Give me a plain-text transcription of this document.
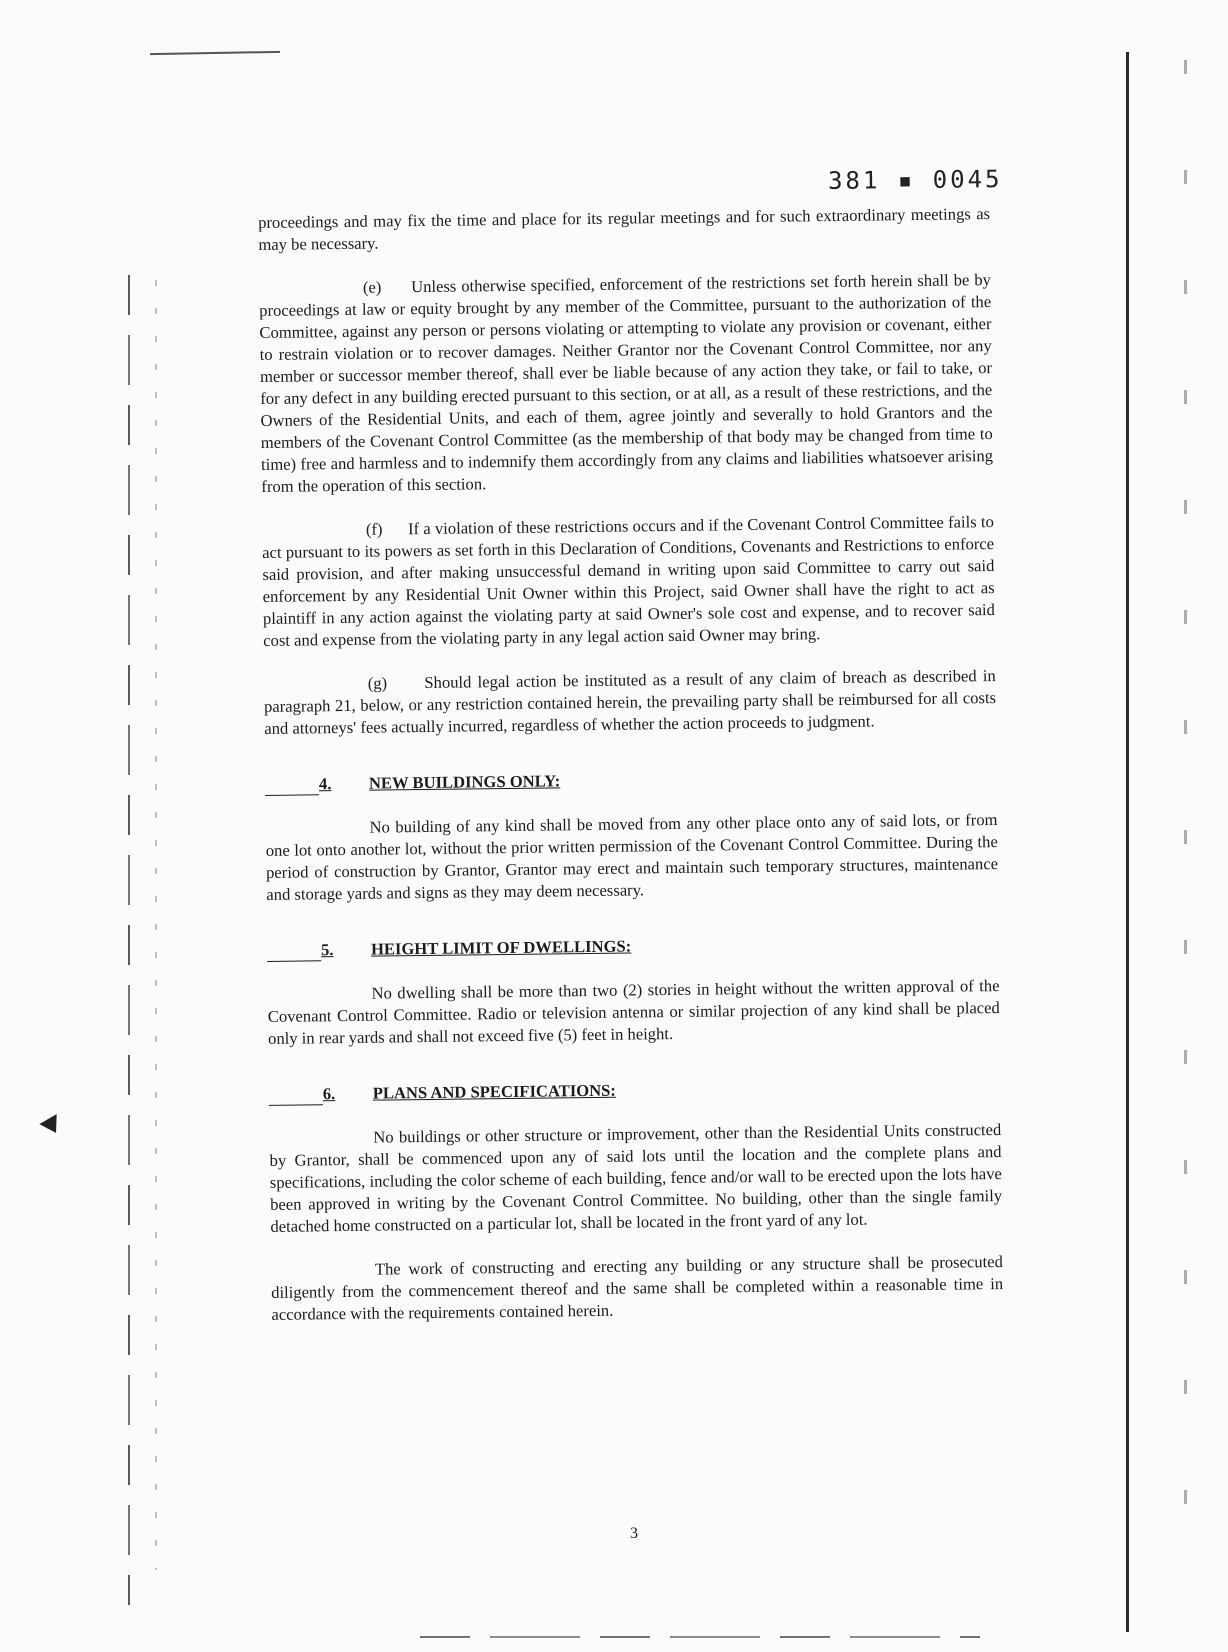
381 ▪ 0045

proceedings and may fix the time and place for its regular meetings and for such extraordinary meetings as may be necessary.

(e) Unless otherwise specified, enforcement of the restrictions set forth herein shall be by proceedings at law or equity brought by any member of the Committee, pursuant to the authorization of the Committee, against any person or persons violating or attempting to violate any provision or covenant, either to restrain violation or to recover damages. Neither Grantor nor the Covenant Control Committee, nor any member or successor member thereof, shall ever be liable because of any action they take, or fail to take, or for any defect in any building erected pursuant to this section, or at all, as a result of these restrictions, and the Owners of the Residential Units, and each of them, agree jointly and severally to hold Grantors and the members of the Covenant Control Committee (as the membership of that body may be changed from time to time) free and harmless and to indemnify them accordingly from any claims and liabilities whatsoever arising from the operation of this section.

(f) If a violation of these restrictions occurs and if the Covenant Control Committee fails to act pursuant to its powers as set forth in this Declaration of Conditions, Covenants and Restrictions to enforce said provision, and after making unsuccessful demand in writing upon said Committee to carry out said enforcement by any Residential Unit Owner within this Project, said Owner shall have the right to act as plaintiff in any action against the violating party at said Owner's sole cost and expense, and to recover said cost and expense from the violating party in any legal action said Owner may bring.

(g) Should legal action be instituted as a result of any claim of breach as described in paragraph 21, below, or any restriction contained herein, the prevailing party shall be reimbursed for all costs and attorneys' fees actually incurred, regardless of whether the action proceeds to judgment.

4.	NEW BUILDINGS ONLY:

No building of any kind shall be moved from any other place onto any of said lots, or from one lot onto another lot, without the prior written permission of the Covenant Control Committee. During the period of construction by Grantor, Grantor may erect and maintain such temporary structures, maintenance and storage yards and signs as they may deem necessary.

5.	HEIGHT LIMIT OF DWELLINGS:

No dwelling shall be more than two (2) stories in height without the written approval of the Covenant Control Committee. Radio or television antenna or similar projection of any kind shall be placed only in rear yards and shall not exceed five (5) feet in height.

6.	PLANS AND SPECIFICATIONS:

No buildings or other structure or improvement, other than the Residential Units constructed by Grantor, shall be commenced upon any of said lots until the location and the complete plans and specifications, including the color scheme of each building, fence and/or wall to be erected upon the lots have been approved in writing by the Covenant Control Committee. No building, other than the single family detached home constructed on a particular lot, shall be located in the front yard of any lot.

The work of constructing and erecting any building or any structure shall be prosecuted diligently from the commencement thereof and the same shall be completed within a reasonable time in accordance with the requirements contained herein.

3
